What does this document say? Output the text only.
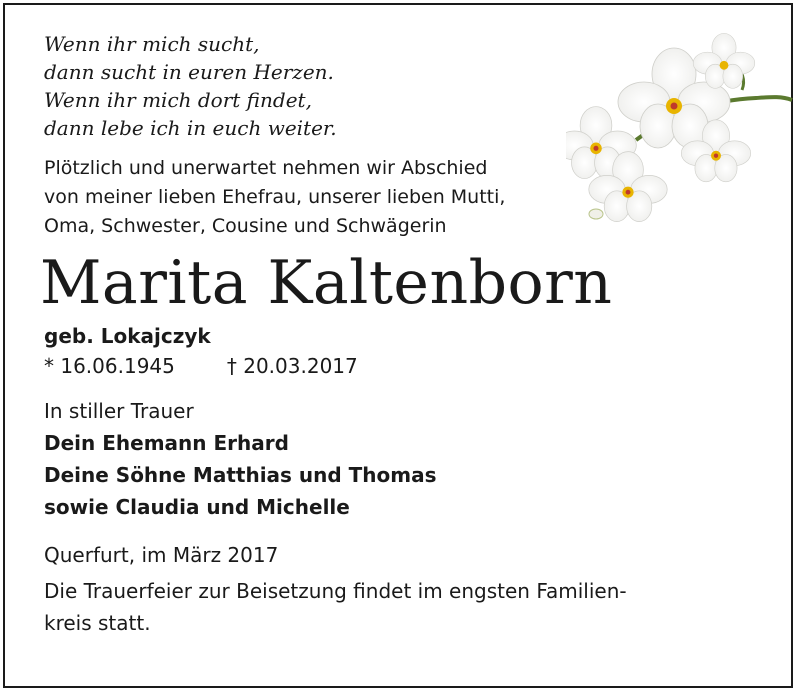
Wenn ihr mich sucht,
dann sucht in euren Herzen.
Wenn ihr mich dort findet,
dann lebe ich in euch weiter.
Plötzlich und unerwartet nehmen wir Abschied
von meiner lieben Ehefrau, unserer lieben Mutti,
Oma, Schwester, Cousine und Schwägerin
Marita Kaltenborn
geb. Lokajczyk
* 16.06.1945	† 20.03.2017
In stiller Trauer
Dein Ehemann Erhard
Deine Söhne Matthias und Thomas
sowie Claudia und Michelle
Querfurt, im März 2017
Die Trauerfeier zur Beisetzung findet im engsten Familien-
kreis statt.
